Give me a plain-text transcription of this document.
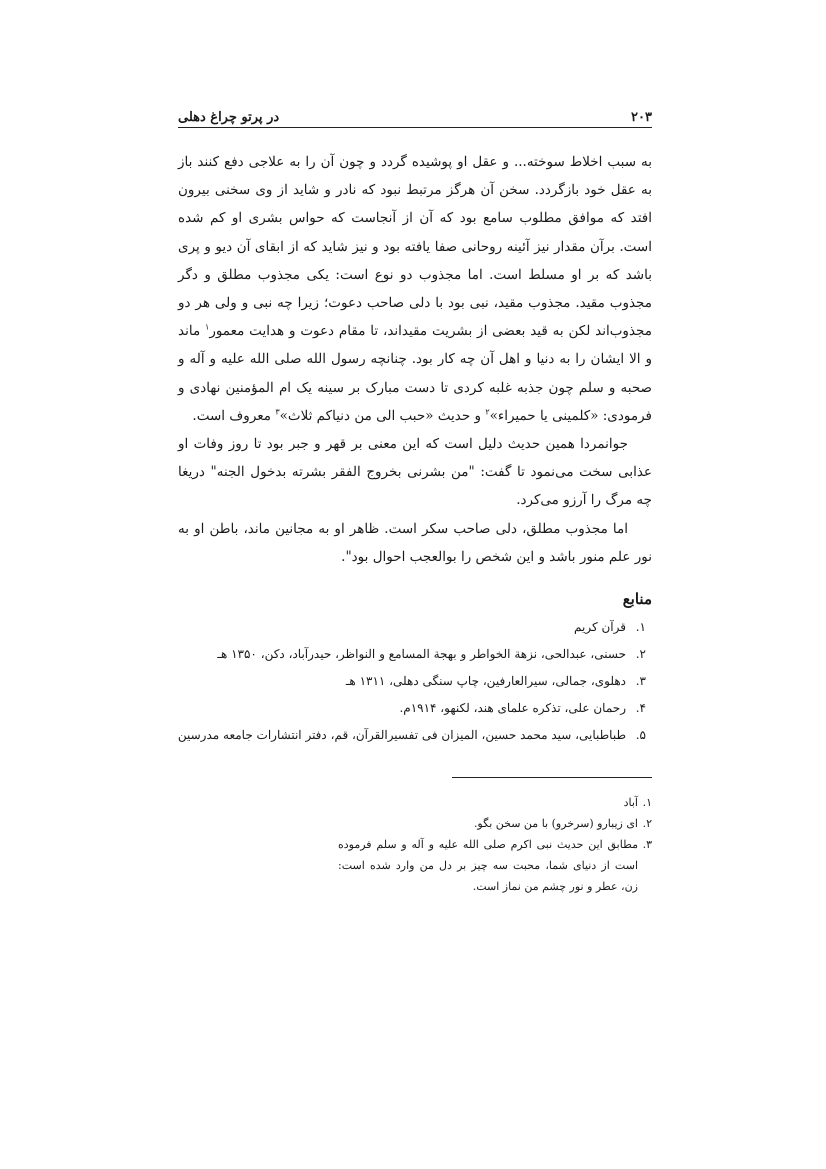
۲۰۳
در پرتو چراغ دهلی

به سبب اخلاط سوخته... و عقل او پوشیده گردد و چون آن را به علاجی دفع کنند باز به عقل خود بازگردد. سخن آن هرگز مرتبط نبود که نادر و شاید از وی سخنی بیرون افتد که موافق مطلوب سامع بود که آن از آنجاست که حواس بشری او کم شده است. برآن مقدار نیز آئینه روحانی صفا یافته بود و نیز شاید که از ابقای آن دیو و پری باشد که بر او مسلط است. اما مجذوب دو نوع است: یکی مجذوب مطلق و دگر مجذوب مقید. مجذوب مقید، نبی بود با دلی صاحب دعوت؛ زیرا چه نبی و ولی هر دو مجذوب‌اند لکن به قید بعضی از بشریت مقیداند، تا مقام دعوت و هدایت معمور$^۱$ ماند و الا ایشان را به دنیا و اهل آن چه کار بود. چنانچه رسول الله صلی الله علیه و آله و صحبه و سلم چون جذبه غلبه کردی تا دست مبارک بر سینه یک ام المؤمنین نهادی و فرمودی: «کلمینی یا حمیراء»$^۲$ و حدیث «حبب الی من دنیاکم ثلاث»$^۳$ معروف است.

جوانمردا همین حدیث دلیل است که این معنی بر قهر و جبر بود تا روز وفات او عذابی سخت می‌نمود تا گفت: "من بشرنی بخروج الفقر بشرته بدخول الجنه" دریغا چه مرگ را آرزو می‌کرد.

اما مجذوب مطلق، دلی صاحب سکر است. ظاهر او به مجانین ماند، باطن او به نور علم منور باشد و این شخص را بوالعجب احوال بود".

منابع
۱.
قرآن کریم
۲.
حسنی، عبدالحی، نزهة الخواطر و بهجة المسامع و النواظر، حیدرآباد، دکن، ۱۳۵۰ هـ
۳.
دهلوی، جمالی، سیرالعارفین، چاپ سنگی دهلی، ۱۳۱۱ هـ
۴.
رحمان علی، تذکره علمای هند، لکنهو، ۱۹۱۴م.
۵.
طباطبایی، سید محمد حسین، المیزان فی تفسیرالقرآن، قم، دفتر انتشارات جامعه مدرسین
۱.
آباد
۲.
ای زیبارو (سرخرو) با من سخن بگو.
۳.
مطابق این حدیث نبی اکرم صلی الله علیه و آله و سلم فرموده است از دنیای شما، محبت سه چیز بر دل من وارد شده است: زن، عطر و نور چشم من نماز است.
